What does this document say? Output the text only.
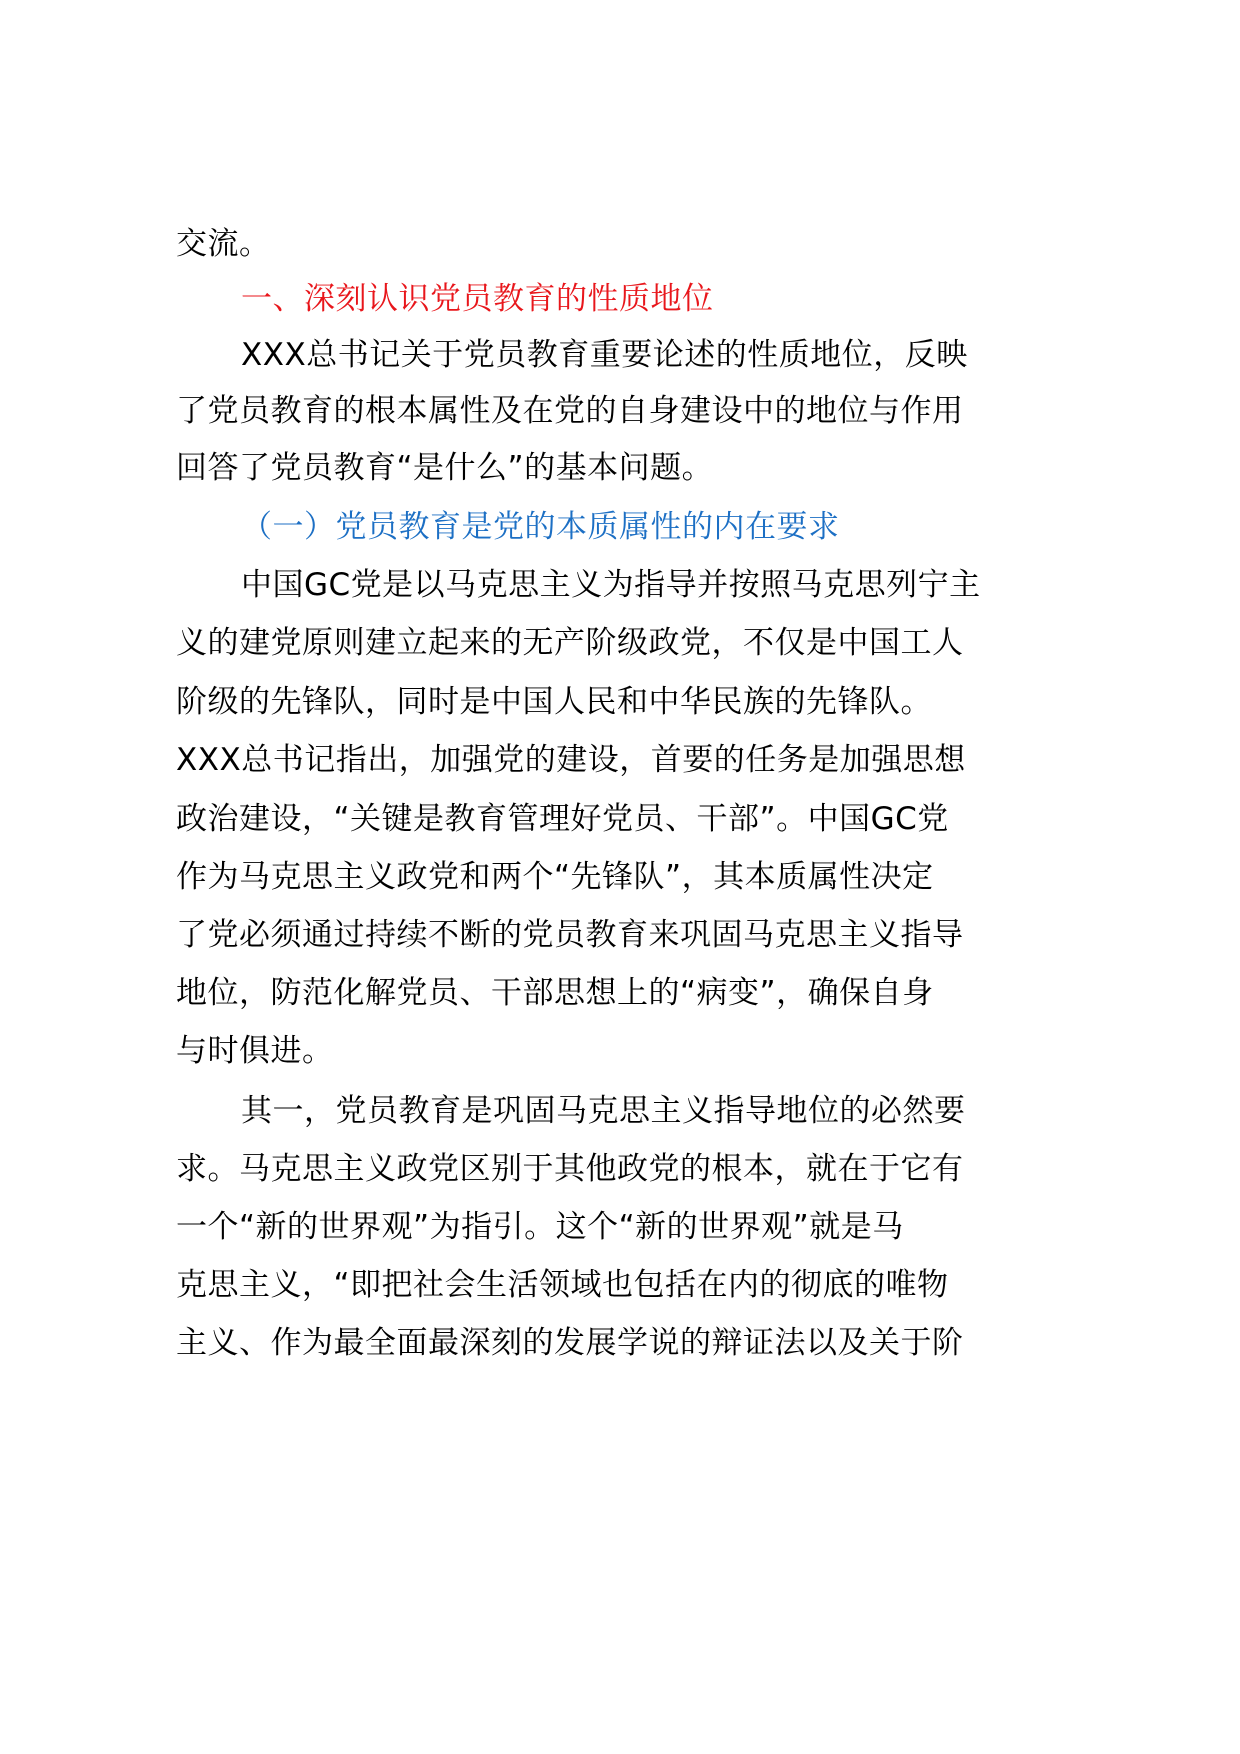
交流。
一、深刻认识党员教育的性质地位
XXX总书记关于党员教育重要论述的性质地位，反映
了党员教育的根本属性及在党的自身建设中的地位与作用
回答了党员教育“是什么”的基本问题。
（一）党员教育是党的本质属性的内在要求
中国GC党是以马克思主义为指导并按照马克思列宁主
义的建党原则建立起来的无产阶级政党，不仅是中国工人
阶级的先锋队，同时是中国人民和中华民族的先锋队。
XXX总书记指出，加强党的建设，首要的任务是加强思想
政治建设，“关键是教育管理好党员、干部”。中国GC党
作为马克思主义政党和两个“先锋队”，其本质属性决定
了党必须通过持续不断的党员教育来巩固马克思主义指导
地位，防范化解党员、干部思想上的“病变”，确保自身
与时俱进。
其一，党员教育是巩固马克思主义指导地位的必然要
求。马克思主义政党区别于其他政党的根本，就在于它有
一个“新的世界观”为指引。这个“新的世界观”就是马
克思主义，“即把社会生活领域也包括在内的彻底的唯物
主义、作为最全面最深刻的发展学说的辩证法以及关于阶
